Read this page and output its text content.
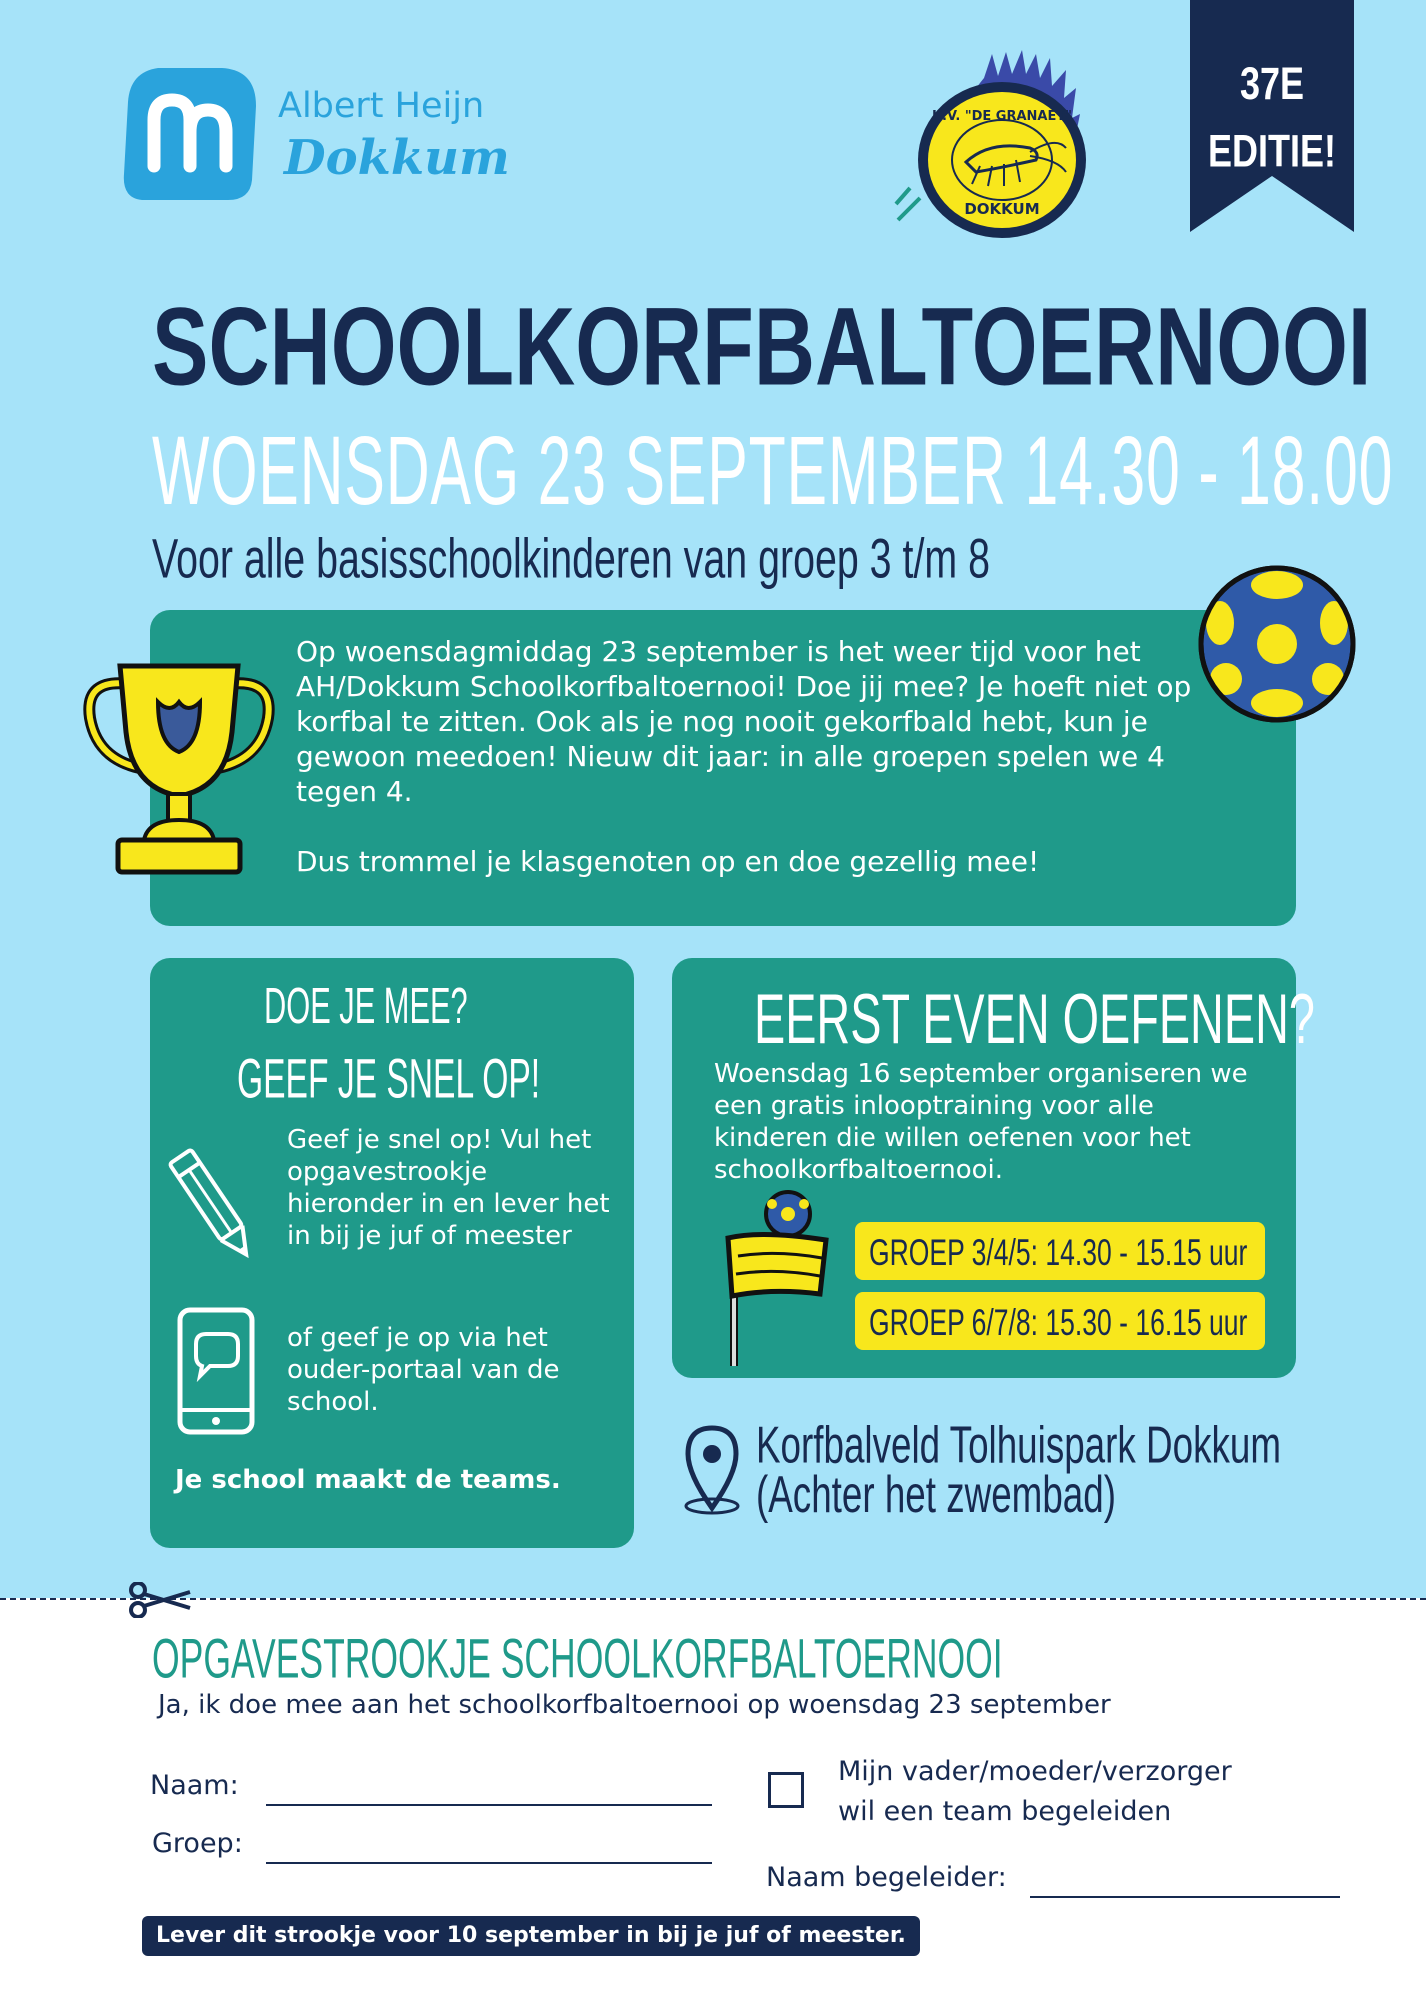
Albert Heijn
Dokkum
K.V. "DE GRANAET"
DOKKUM
37E
EDITIE!
SCHOOLKORFBALTOERNOOI
WOENSDAG 23 SEPTEMBER 14.30 - 18.00
Voor alle basisschoolkinderen van groep 3 t/m 8

Op woensdagmiddag 23 september is het weer tijd voor het AH/Dokkum Schoolkorfbaltoernooi! Doe jij mee? Je hoeft niet op korfbal te zitten. Ook als je nog nooit gekorfbald hebt, kun je gewoon meedoen! Nieuw dit jaar: in alle groepen spelen we 4 tegen 4.

Dus trommel je klasgenoten op en doe gezellig mee!

DOE JE MEE?
GEEF JE SNEL OP!
Geef je snel op! Vul het opgavestrookje hieronder in en lever het in bij je juf of meester
of geef je op via het ouder-portaal van de school.
Je school maakt de teams.
EERST EVEN OEFENEN?
Woensdag 16 september organiseren we een gratis inlooptraining voor alle kinderen die willen oefenen voor het schoolkorfbaltoernooi.
GROEP 3/4/5: 14.30 - 15.15 uur
GROEP 6/7/8: 15.30 - 16.15 uur
Korfbalveld Tolhuispark Dokkum
(Achter het zwembad)
OPGAVESTROOKJE SCHOOLKORFBALTOERNOOI
Ja, ik doe mee aan het schoolkorfbaltoernooi op woensdag 23 september
Naam:
Groep:
Mijn vader/moeder/verzorger
wil een team begeleiden
Naam begeleider:
Lever dit strookje voor 10 september in bij je juf of meester.
